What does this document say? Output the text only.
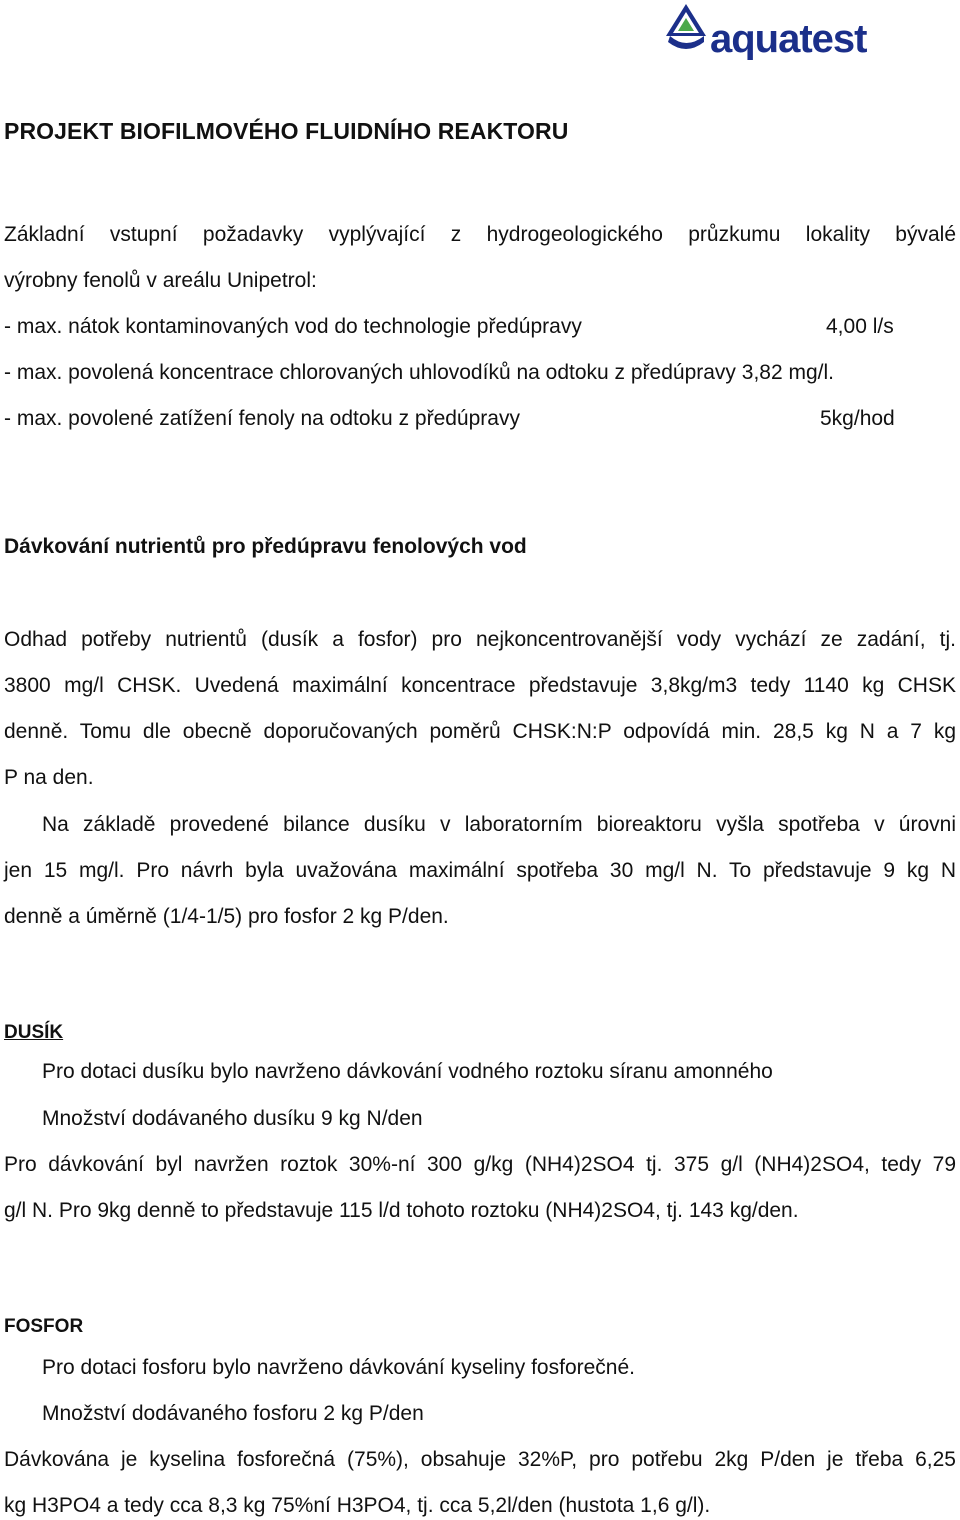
aquatest
PROJEKT BIOFILMOVÉHO FLUIDNÍHO REAKTORU
Základní vstupní požadavky vyplývající z hydrogeologického průzkumu lokality bývalé
výrobny fenolů v areálu Unipetrol:
- max. nátok kontaminovaných vod do technologie předúpravy	4,00 l/s
- max. povolená koncentrace chlorovaných uhlovodíků na odtoku z předúpravy 3,82 mg/l.
- max. povolené zatížení fenoly na odtoku z předúpravy	5kg/hod
Dávkování nutrientů pro předúpravu fenolových vod
Odhad potřeby nutrientů (dusík a fosfor) pro nejkoncentrovanější vody vychází ze zadání, tj.
3800 mg/l CHSK. Uvedená maximální koncentrace představuje 3,8kg/m3 tedy 1140 kg CHSK
denně. Tomu dle obecně doporučovaných poměrů CHSK:N:P odpovídá min. 28,5 kg N a 7 kg
P na den.
Na základě provedené bilance dusíku v laboratorním bioreaktoru vyšla spotřeba v úrovni
jen 15 mg/l. Pro návrh byla uvažována maximální spotřeba 30 mg/l N. To představuje 9 kg N
denně a úměrně (1/4-1/5) pro fosfor 2 kg P/den.
DUSÍK
Pro dotaci dusíku bylo navrženo dávkování vodného roztoku síranu amonného
Množství dodávaného dusíku 9 kg N/den
Pro dávkování byl navržen roztok 30%-ní 300 g/kg (NH4)2SO4 tj. 375 g/l (NH4)2SO4, tedy 79
g/l N. Pro 9kg denně to představuje 115 l/d tohoto roztoku (NH4)2SO4, tj. 143 kg/den.
FOSFOR
Pro dotaci fosforu bylo navrženo dávkování kyseliny fosforečné.
Množství dodávaného fosforu 2 kg P/den
Dávkována je kyselina fosforečná (75%), obsahuje 32%P, pro potřebu 2kg P/den je třeba 6,25
kg H3PO4 a tedy cca 8,3 kg 75%ní H3PO4, tj. cca 5,2l/den (hustota 1,6 g/l).
